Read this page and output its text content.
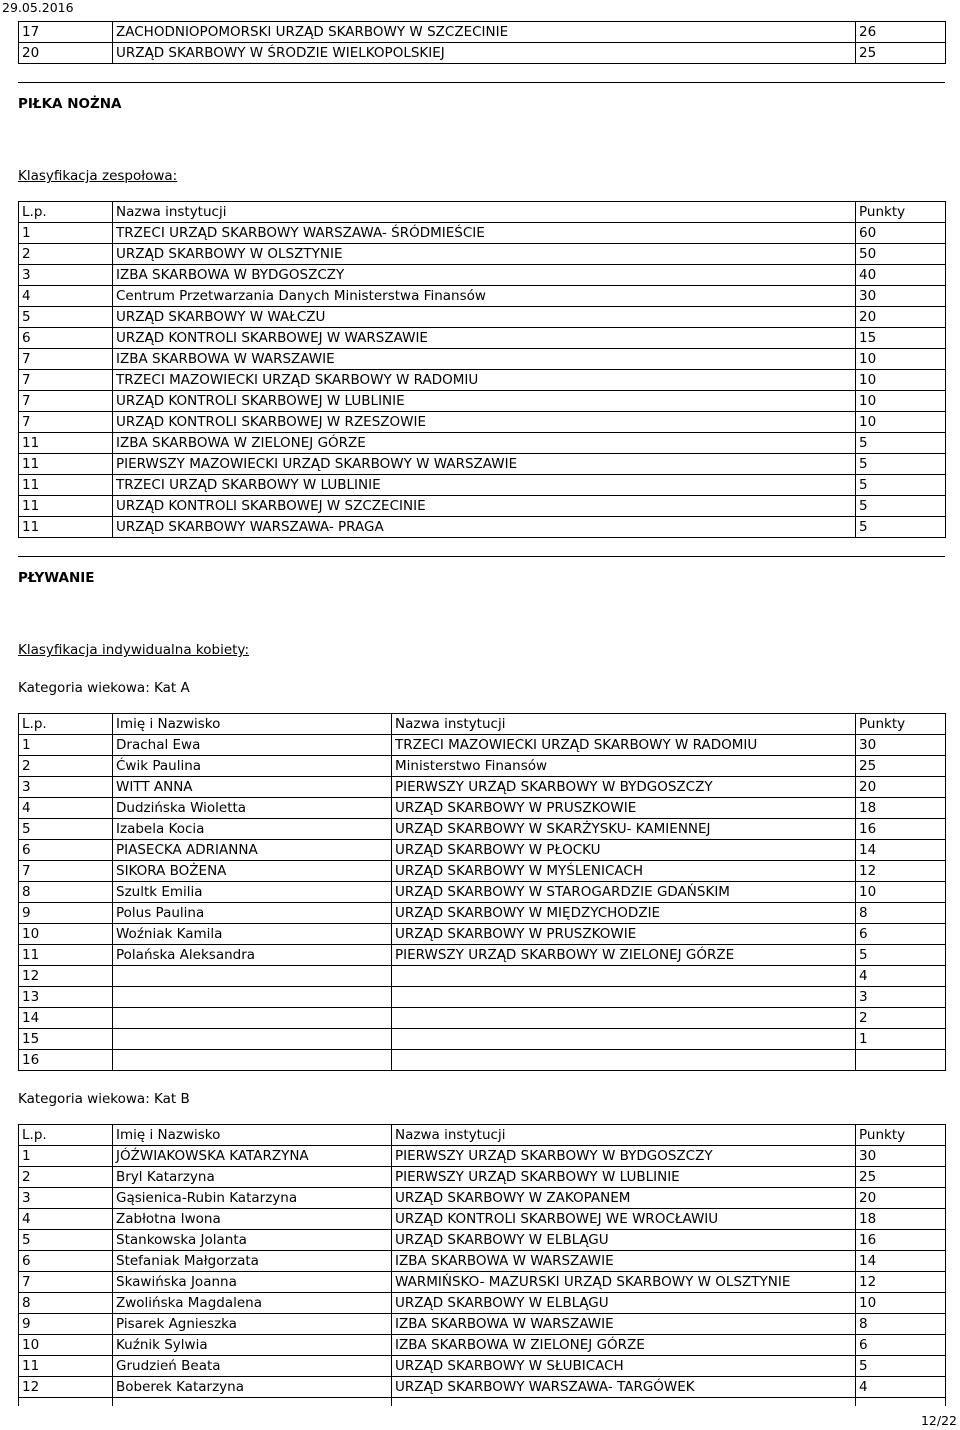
29.05.2016
17	ZACHODNIOPOMORSKI URZĄD SKARBOWY W SZCZECINIE	26
20	URZĄD SKARBOWY W ŚRODZIE WIELKOPOLSKIEJ	25
PIŁKA NOŻNA
Klasyfikacja zespołowa:
L.p.	Nazwa instytucji	Punkty
1	TRZECI URZĄD SKARBOWY WARSZAWA- ŚRÓDMIEŚCIE	60
2	URZĄD SKARBOWY W OLSZTYNIE	50
3	IZBA SKARBOWA W BYDGOSZCZY	40
4	Centrum Przetwarzania Danych Ministerstwa Finansów	30
5	URZĄD SKARBOWY W WAŁCZU	20
6	URZĄD KONTROLI SKARBOWEJ W WARSZAWIE	15
7	IZBA SKARBOWA W WARSZAWIE	10
7	TRZECI MAZOWIECKI URZĄD SKARBOWY W RADOMIU	10
7	URZĄD KONTROLI SKARBOWEJ W LUBLINIE	10
7	URZĄD KONTROLI SKARBOWEJ W RZESZOWIE	10
11	IZBA SKARBOWA W ZIELONEJ GÓRZE	5
11	PIERWSZY MAZOWIECKI URZĄD SKARBOWY W WARSZAWIE	5
11	TRZECI URZĄD SKARBOWY W LUBLINIE	5
11	URZĄD KONTROLI SKARBOWEJ W SZCZECINIE	5
11	URZĄD SKARBOWY WARSZAWA- PRAGA	5
PŁYWANIE
Klasyfikacja indywidualna kobiety:
Kategoria wiekowa: Kat A
L.p.	Imię i Nazwisko	Nazwa instytucji	Punkty
1	Drachal Ewa	TRZECI MAZOWIECKI URZĄD SKARBOWY W RADOMIU	30
2	Ćwik Paulina	Ministerstwo Finansów	25
3	WITT ANNA	PIERWSZY URZĄD SKARBOWY W BYDGOSZCZY	20
4	Dudzińska Wioletta	URZĄD SKARBOWY W PRUSZKOWIE	18
5	Izabela Kocia	URZĄD SKARBOWY W SKARŻYSKU- KAMIENNEJ	16
6	PIASECKA ADRIANNA	URZĄD SKARBOWY W PŁOCKU	14
7	SIKORA BOŻENA	URZĄD SKARBOWY W MYŚLENICACH	12
8	Szultk Emilia	URZĄD SKARBOWY W STAROGARDZIE GDAŃSKIM	10
9	Polus Paulina	URZĄD SKARBOWY W MIĘDZYCHODZIE	8
10	Woźniak Kamila	URZĄD SKARBOWY W PRUSZKOWIE	6
11	Polańska Aleksandra	PIERWSZY URZĄD SKARBOWY W ZIELONEJ GÓRZE	5
12			4
13			3
14			2
15			1
16			
Kategoria wiekowa: Kat B
L.p.	Imię i Nazwisko	Nazwa instytucji	Punkty
1	JÓŹWIAKOWSKA KATARZYNA	PIERWSZY URZĄD SKARBOWY W BYDGOSZCZY	30
2	Bryl Katarzyna	PIERWSZY URZĄD SKARBOWY W LUBLINIE	25
3	Gąsienica-Rubin Katarzyna	URZĄD SKARBOWY W ZAKOPANEM	20
4	Zabłotna Iwona	URZĄD KONTROLI SKARBOWEJ WE WROCŁAWIU	18
5	Stankowska Jolanta	URZĄD SKARBOWY W ELBLĄGU	16
6	Stefaniak Małgorzata	IZBA SKARBOWA W WARSZAWIE	14
7	Skawińska Joanna	WARMIŃSKO- MAZURSKI URZĄD SKARBOWY W OLSZTYNIE	12
8	Zwolińska Magdalena	URZĄD SKARBOWY W ELBLĄGU	10
9	Pisarek Agnieszka	IZBA SKARBOWA W WARSZAWIE	8
10	Kuźnik Sylwia	IZBA SKARBOWA W ZIELONEJ GÓRZE	6
11	Grudzień Beata	URZĄD SKARBOWY W SŁUBICACH	5
12	Boberek Katarzyna	URZĄD SKARBOWY WARSZAWA- TARGÓWEK	4

12/22
